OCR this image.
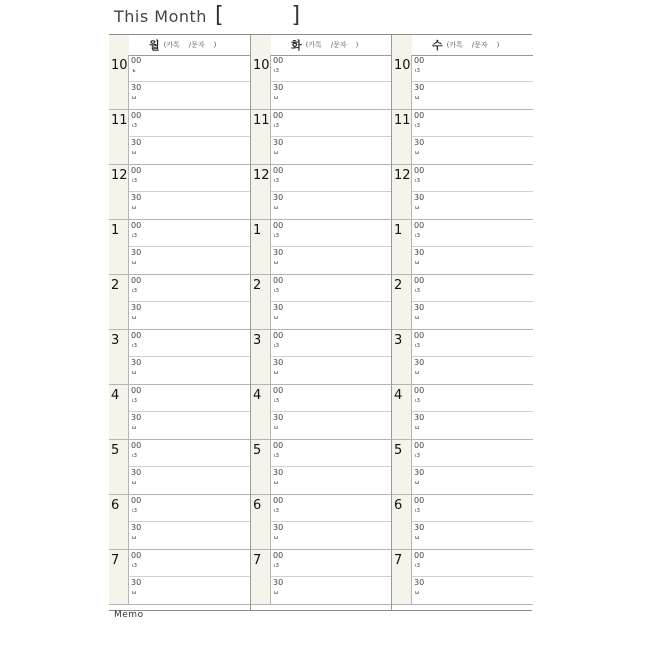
This Month [	]
월 (카톡    /문자    )
10 00
ъ
30
ω
11 00
ι3
30
ω
12 00
ι3
30
ω
1 00
ι3
30
ω
2 00
ι3
30
ω
3 00
ι3
30
ω
4 00
ι3
30
ω
5 00
ι3
30
ω
6 00
ι3
30
ω
7 00
ι3
30
ω
화 (카톡    /문자    )
10 00
ι3
30
ω
11 00
ι3
30
ω
12 00
ι3
30
ω
1 00
ι3
30
ω
2 00
ι3
30
ω
3 00
ι3
30
ω
4 00
ι3
30
ω
5 00
ι3
30
ω
6 00
ι3
30
ω
7 00
ι3
30
ω
수 (카톡    /문자    )
10 00
ι3
30
ω
11 00
ι3
30
ω
12 00
ι3
30
ω
1 00
ι3
30
ω
2 00
ι3
30
ω
3 00
ι3
30
ω
4 00
ι3
30
ω
5 00
ι3
30
ω
6 00
ι3
30
ω
7 00
ι3
30
ω
Memo
